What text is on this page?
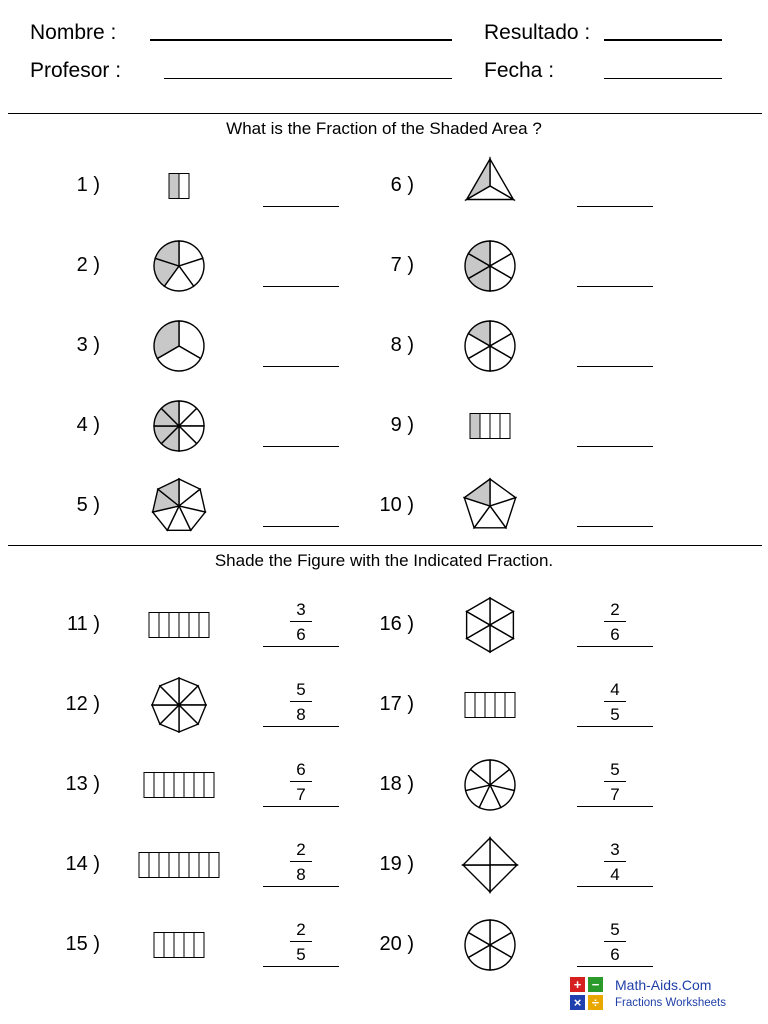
Nombre :	Resultado :
Profesor :	Fecha :
What is the Fraction of the Shaded Area ?
Shade the Figure with the Indicated Fraction.
1 )
2 )
3 )
4 )
5 )
6 )
7 )
8 )
9 )
10 )
11 )
3
6
12 )
5
8
13 )
6
7
14 )
2
8
15 )
2
5
16 )
2
6
17 )
4
5
18 )
5
7
19 )
3
4
20 )
5
6
+ −
× ÷
Math-Aids.Com
Fractions Worksheets
